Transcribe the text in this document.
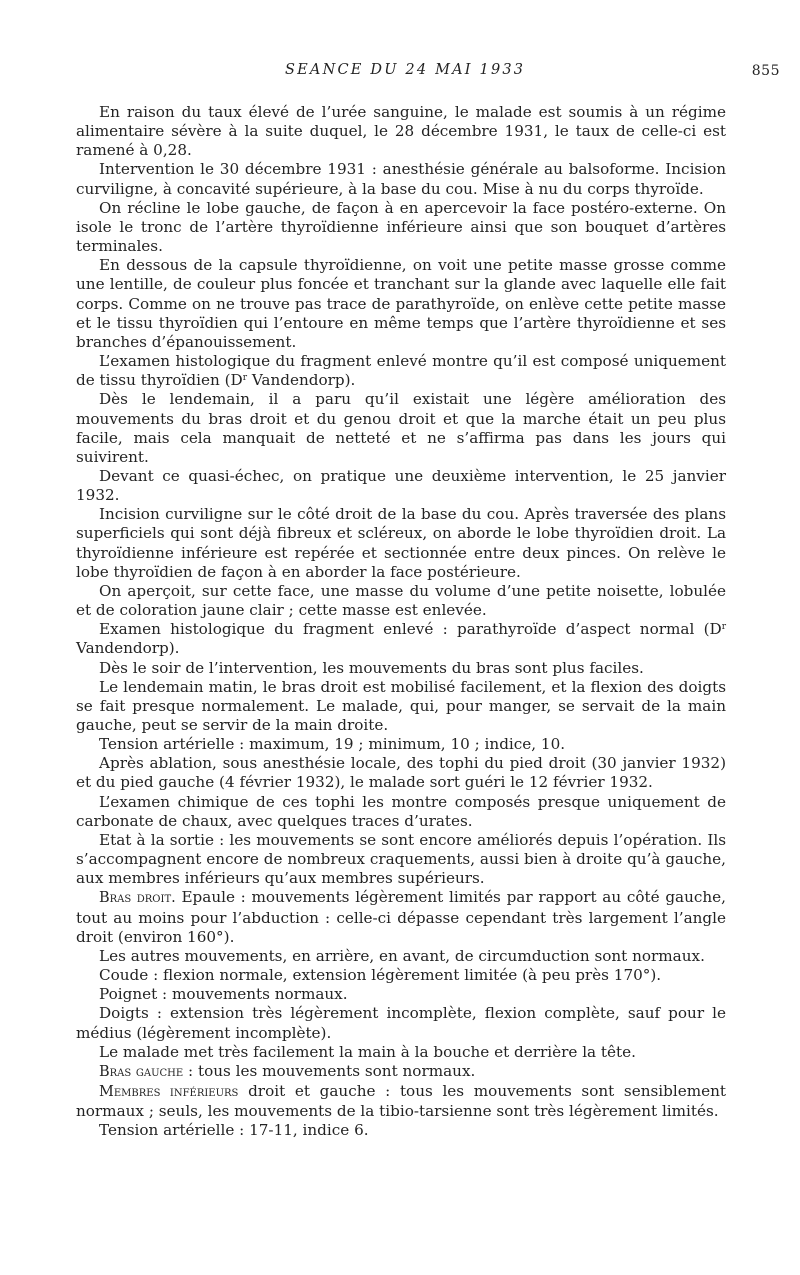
SEANCE DU 24 MAI 1933	855

En raison du taux élevé de l’urée sanguine, le malade est soumis à un régime alimentaire sévère à la suite duquel, le 28 décembre 1931, le taux de celle-ci est ramené à 0,28.

Intervention le 30 décembre 1931 : anesthésie générale au balsoforme. Incision curviligne, à concavité supérieure, à la base du cou. Mise à nu du corps thyroïde.

On récline le lobe gauche, de façon à en apercevoir la face postéro-externe. On isole le tronc de l’artère thyroïdienne inférieure ainsi que son bouquet d’artères terminales.

En dessous de la capsule thyroïdienne, on voit une petite masse grosse comme une lentille, de couleur plus foncée et tranchant sur la glande avec laquelle elle fait corps. Comme on ne trouve pas trace de parathyroïde, on enlève cette petite masse et le tissu thyroïdien qui l’entoure en même temps que l’artère thyroïdienne et ses branches d’épanouissement.

L’examen histologique du fragment enlevé montre qu’il est composé uniquement de tissu thyroïdien ($D^r$ Vandendorp).

Dès le lendemain, il a paru qu’il existait une légère amélioration des mouvements du bras droit et du genou droit et que la marche était un peu plus facile, mais cela manquait de netteté et ne s’affirma pas dans les jours qui suivirent.

Devant ce quasi-échec, on pratique une deuxième intervention, le 25 janvier 1932.

Incision curviligne sur le côté droit de la base du cou. Après traversée des plans superficiels qui sont déjà fibreux et scléreux, on aborde le lobe thyroïdien droit. La thyroïdienne inférieure est repérée et sectionnée entre deux pinces. On relève le lobe thyroïdien de façon à en aborder la face postérieure.

On aperçoit, sur cette face, une masse du volume d’une petite noisette, lobulée et de coloration jaune clair ; cette masse est enlevée.

Examen histologique du fragment enlevé : parathyroïde d’aspect normal ($D^r$ Vandendorp).

Dès le soir de l’intervention, les mouvements du bras sont plus faciles.

Le lendemain matin, le bras droit est mobilisé facilement, et la flexion des doigts se fait presque normalement. Le malade, qui, pour manger, se servait de la main gauche, peut se servir de la main droite.

Tension artérielle : maximum, 19 ; minimum, 10 ; indice, 10.

Après ablation, sous anesthésie locale, des tophi du pied droit (30 janvier 1932) et du pied gauche (4 février 1932), le malade sort guéri le 12 février 1932.

L’examen chimique de ces tophi les montre composés presque uniquement de carbonate de chaux, avec quelques traces d’urates.

Etat à la sortie : les mouvements se sont encore améliorés depuis l’opération. Ils s’accompagnent encore de nombreux craquements, aussi bien à droite qu’à gauche, aux membres inférieurs qu’aux membres supérieurs.

Bras droit. Epaule : mouvements légèrement limités par rapport au côté gauche, tout au moins pour l’abduction : celle-ci dépasse cependant très largement l’angle droit (environ 160°).

Les autres mouvements, en arrière, en avant, de circumduction sont normaux.

Coude : flexion normale, extension légèrement limitée (à peu près 170°).

Poignet : mouvements normaux.

Doigts : extension très légèrement incomplète, flexion complète, sauf pour le médius (légèrement incomplète).

Le malade met très facilement la main à la bouche et derrière la tête.

Bras gauche : tous les mouvements sont normaux.

Membres inférieurs droit et gauche : tous les mouvements sont sensiblement normaux ; seuls, les mouvements de la tibio-tarsienne sont très légèrement limités.

Tension artérielle : 17-11, indice 6.
